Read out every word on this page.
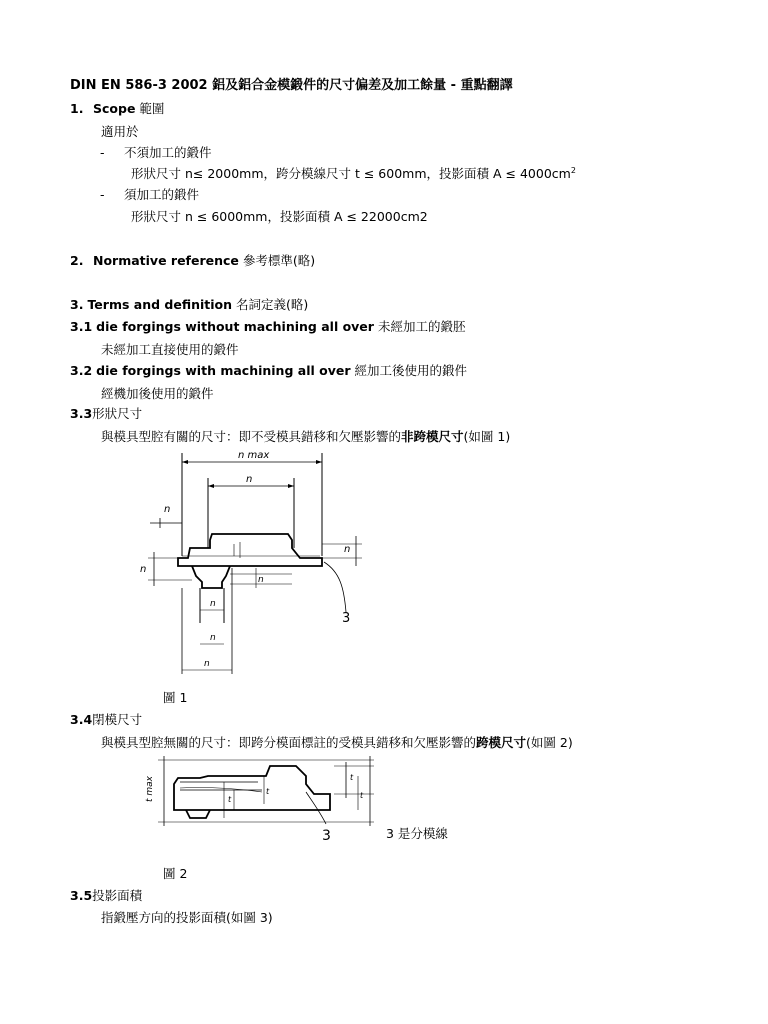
DIN EN 586-3 2002 鋁及鋁合金模鍛件的尺寸偏差及加工餘量 - 重點翻譯
1. Scope 範圍
適用於
- 不須加工的鍛件
形狀尺寸 n≤ 2000mm，跨分模線尺寸 t ≤ 600mm，投影面積 $A \le 4000cm^2$
- 須加工的鍛件
形狀尺寸 n ≤ 6000mm，投影面積 A ≤ 22000cm2
2. Normative reference 參考標準(略)
3. Terms and definition 名詞定義(略)
3.1 die forgings without machining all over 未經加工的鍛胚
未經加工直接使用的鍛件
3.2 die forgings with machining all over 經加工後使用的鍛件
經機加後使用的鍛件
3.3形狀尺寸
與模具型腔有關的尺寸：即不受模具錯移和欠壓影響的非跨模尺寸(如圖 1)
n max
n
n
n
n
n
n
n
n
3
圖 1
3.4閉模尺寸
與模具型腔無關的尺寸：即跨分模面標註的受模具錯移和欠壓影響的跨模尺寸(如圖 2)
t max	t
t
t
t
3	3 是分模線
圖 2
3.5投影面積
指鍛壓方向的投影面積(如圖 3)
